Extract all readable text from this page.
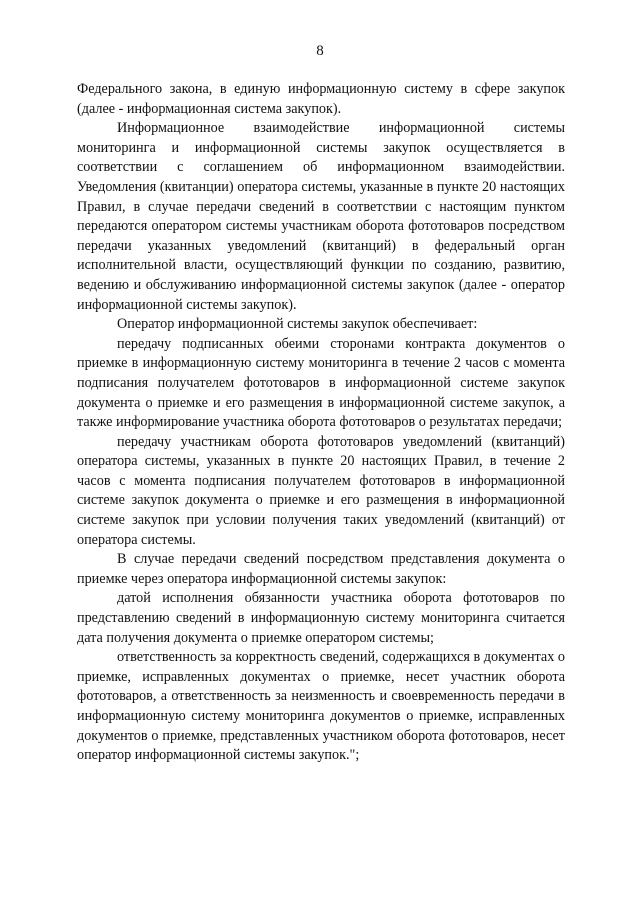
8

Федерального закона, в единую информационную систему в сфере закупок (далее - информационная система закупок).

Информационное взаимодействие информационной системы мониторинга и информационной системы закупок осуществляется в соответствии с соглашением об информационном взаимодействии. Уведомления (квитанции) оператора системы, указанные в пункте 20 настоящих Правил, в случае передачи сведений в соответствии с настоящим пунктом передаются оператором системы участникам оборота фототоваров посредством передачи указанных уведомлений (квитанций) в федеральный орган исполнительной власти, осуществляющий функции по созданию, развитию, ведению и обслуживанию информационной системы закупок (далее - оператор информационной системы закупок).

Оператор информационной системы закупок обеспечивает:

передачу подписанных обеими сторонами контракта документов о приемке в информационную систему мониторинга в течение 2 часов с момента подписания получателем фототоваров в информационной системе закупок документа о приемке и его размещения в информационной системе закупок, а также информирование участника оборота фототоваров о результатах передачи;

передачу участникам оборота фототоваров уведомлений (квитанций) оператора системы, указанных в пункте 20 настоящих Правил, в течение 2 часов с момента подписания получателем фототоваров в информационной системе закупок документа о приемке и его размещения в информационной системе закупок при условии получения таких уведомлений (квитанций) от оператора системы.

В случае передачи сведений посредством представления документа о приемке через оператора информационной системы закупок:

датой исполнения обязанности участника оборота фототоваров по представлению сведений в информационную систему мониторинга считается дата получения документа о приемке оператором системы;

ответственность за корректность сведений, содержащихся в документах о приемке, исправленных документах о приемке, несет участник оборота фототоваров, а ответственность за неизменность и своевременность передачи в информационную систему мониторинга документов о приемке, исправленных документов о приемке, представленных участником оборота фототоваров, несет оператор информационной системы закупок.";
